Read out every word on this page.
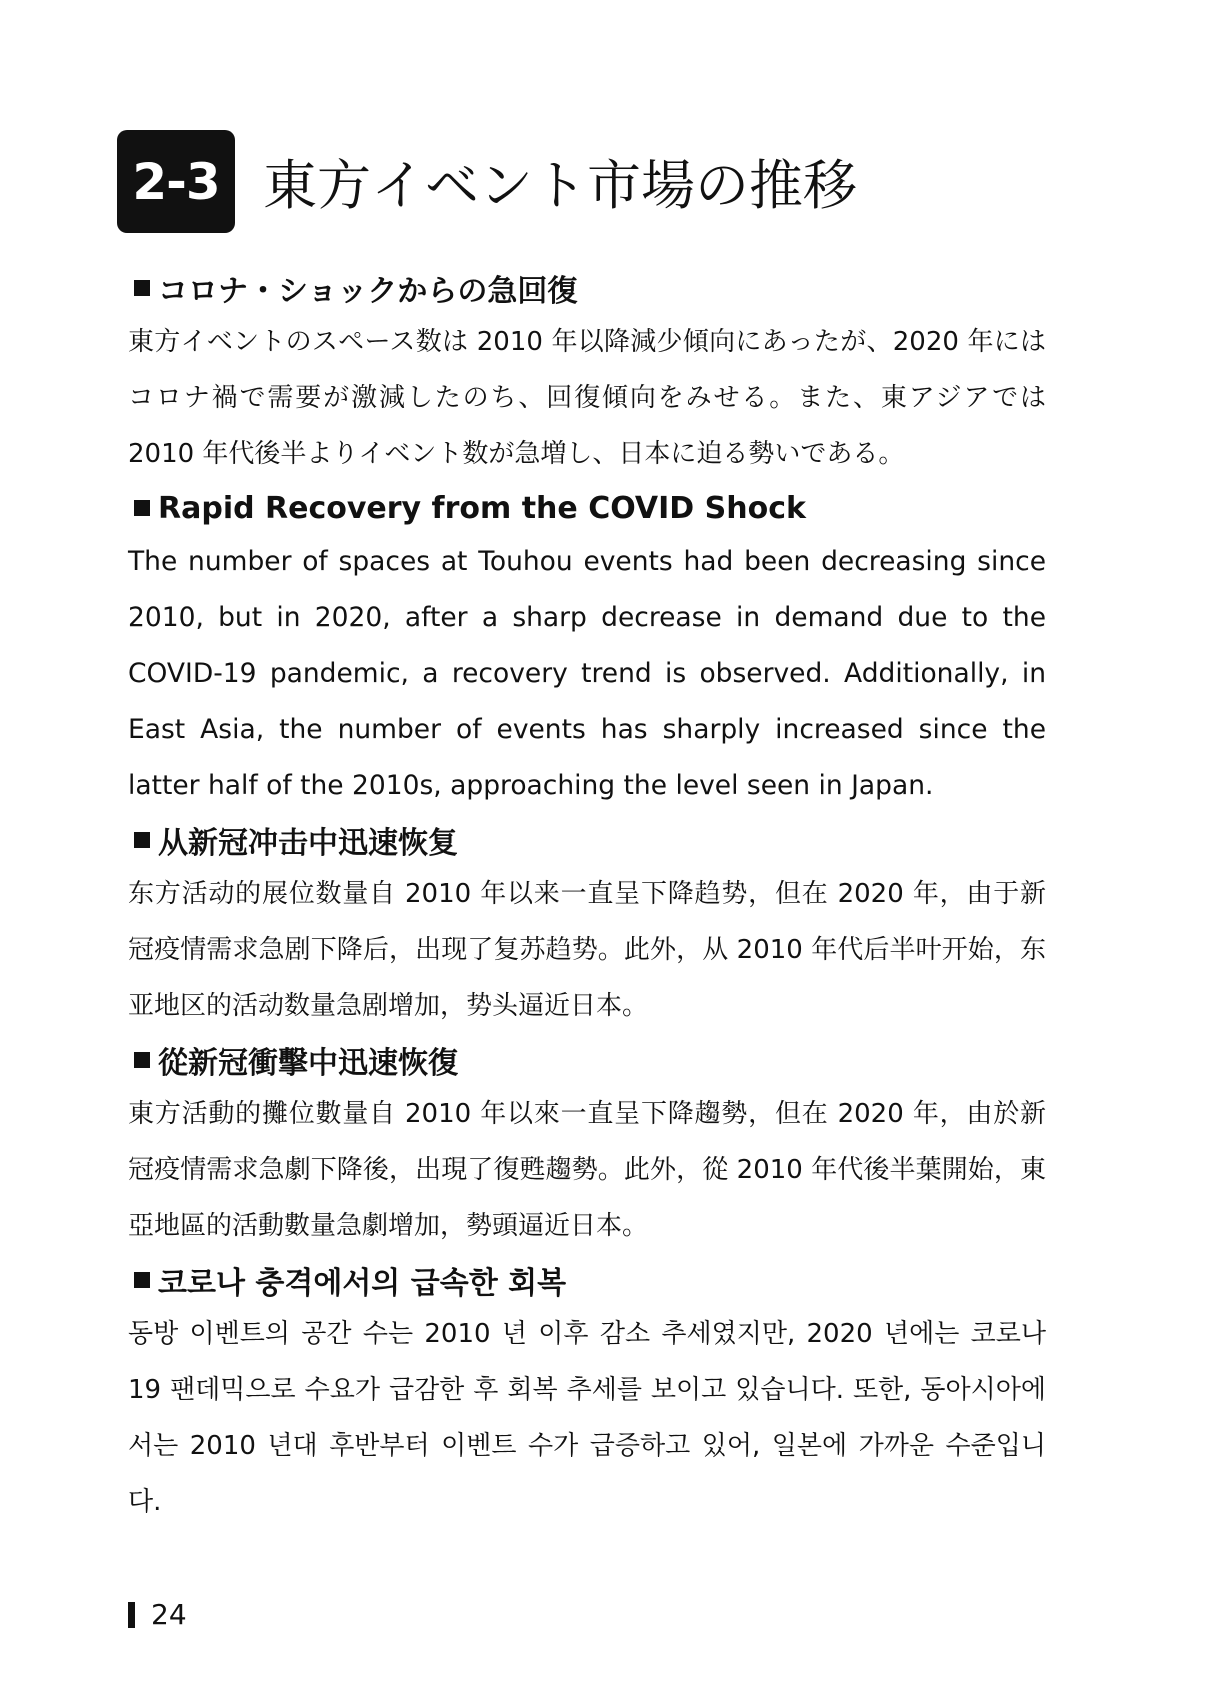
2-3 東方イベント市場の推移
コロナ・ショックからの急回復

東方イベントのスペース数は 2010 年以降減少傾向にあったが、2020 年にはコロナ禍で需要が激減したのち、回復傾向をみせる。また、東アジアでは 2010 年代後半よりイベント数が急増し、日本に迫る勢いである。

Rapid Recovery from the COVID Shock

The number of spaces at Touhou events had been decreasing since 2010, but in 2020, after a sharp decrease in demand due to the COVID-19 pandemic, a recovery trend is observed. Additionally, in East Asia, the number of events has sharply increased since the latter half of the 2010s, approaching the level seen in Japan.

从新冠冲击中迅速恢复

东方活动的展位数量自 2010 年以来一直呈下降趋势，但在 2020 年，由于新冠疫情需求急剧下降后，出现了复苏趋势。此外，从 2010 年代后半叶开始，东亚地区的活动数量急剧增加，势头逼近日本。

從新冠衝擊中迅速恢復

東方活動的攤位數量自 2010 年以來一直呈下降趨勢，但在 2020 年，由於新冠疫情需求急劇下降後，出現了復甦趨勢。此外，從 2010 年代後半葉開始，東亞地區的活動數量急劇增加，勢頭逼近日本。

코로나 충격에서의 급속한 회복

동방 이벤트의 공간 수는 2010 년 이후 감소 추세였지만, 2020 년에는 코로나 19 팬데믹으로 수요가 급감한 후 회복 추세를 보이고 있습니다. 또한, 동아시아에서는 2010 년대 후반부터 이벤트 수가 급증하고 있어, 일본에 가까운 수준입니다.

24
